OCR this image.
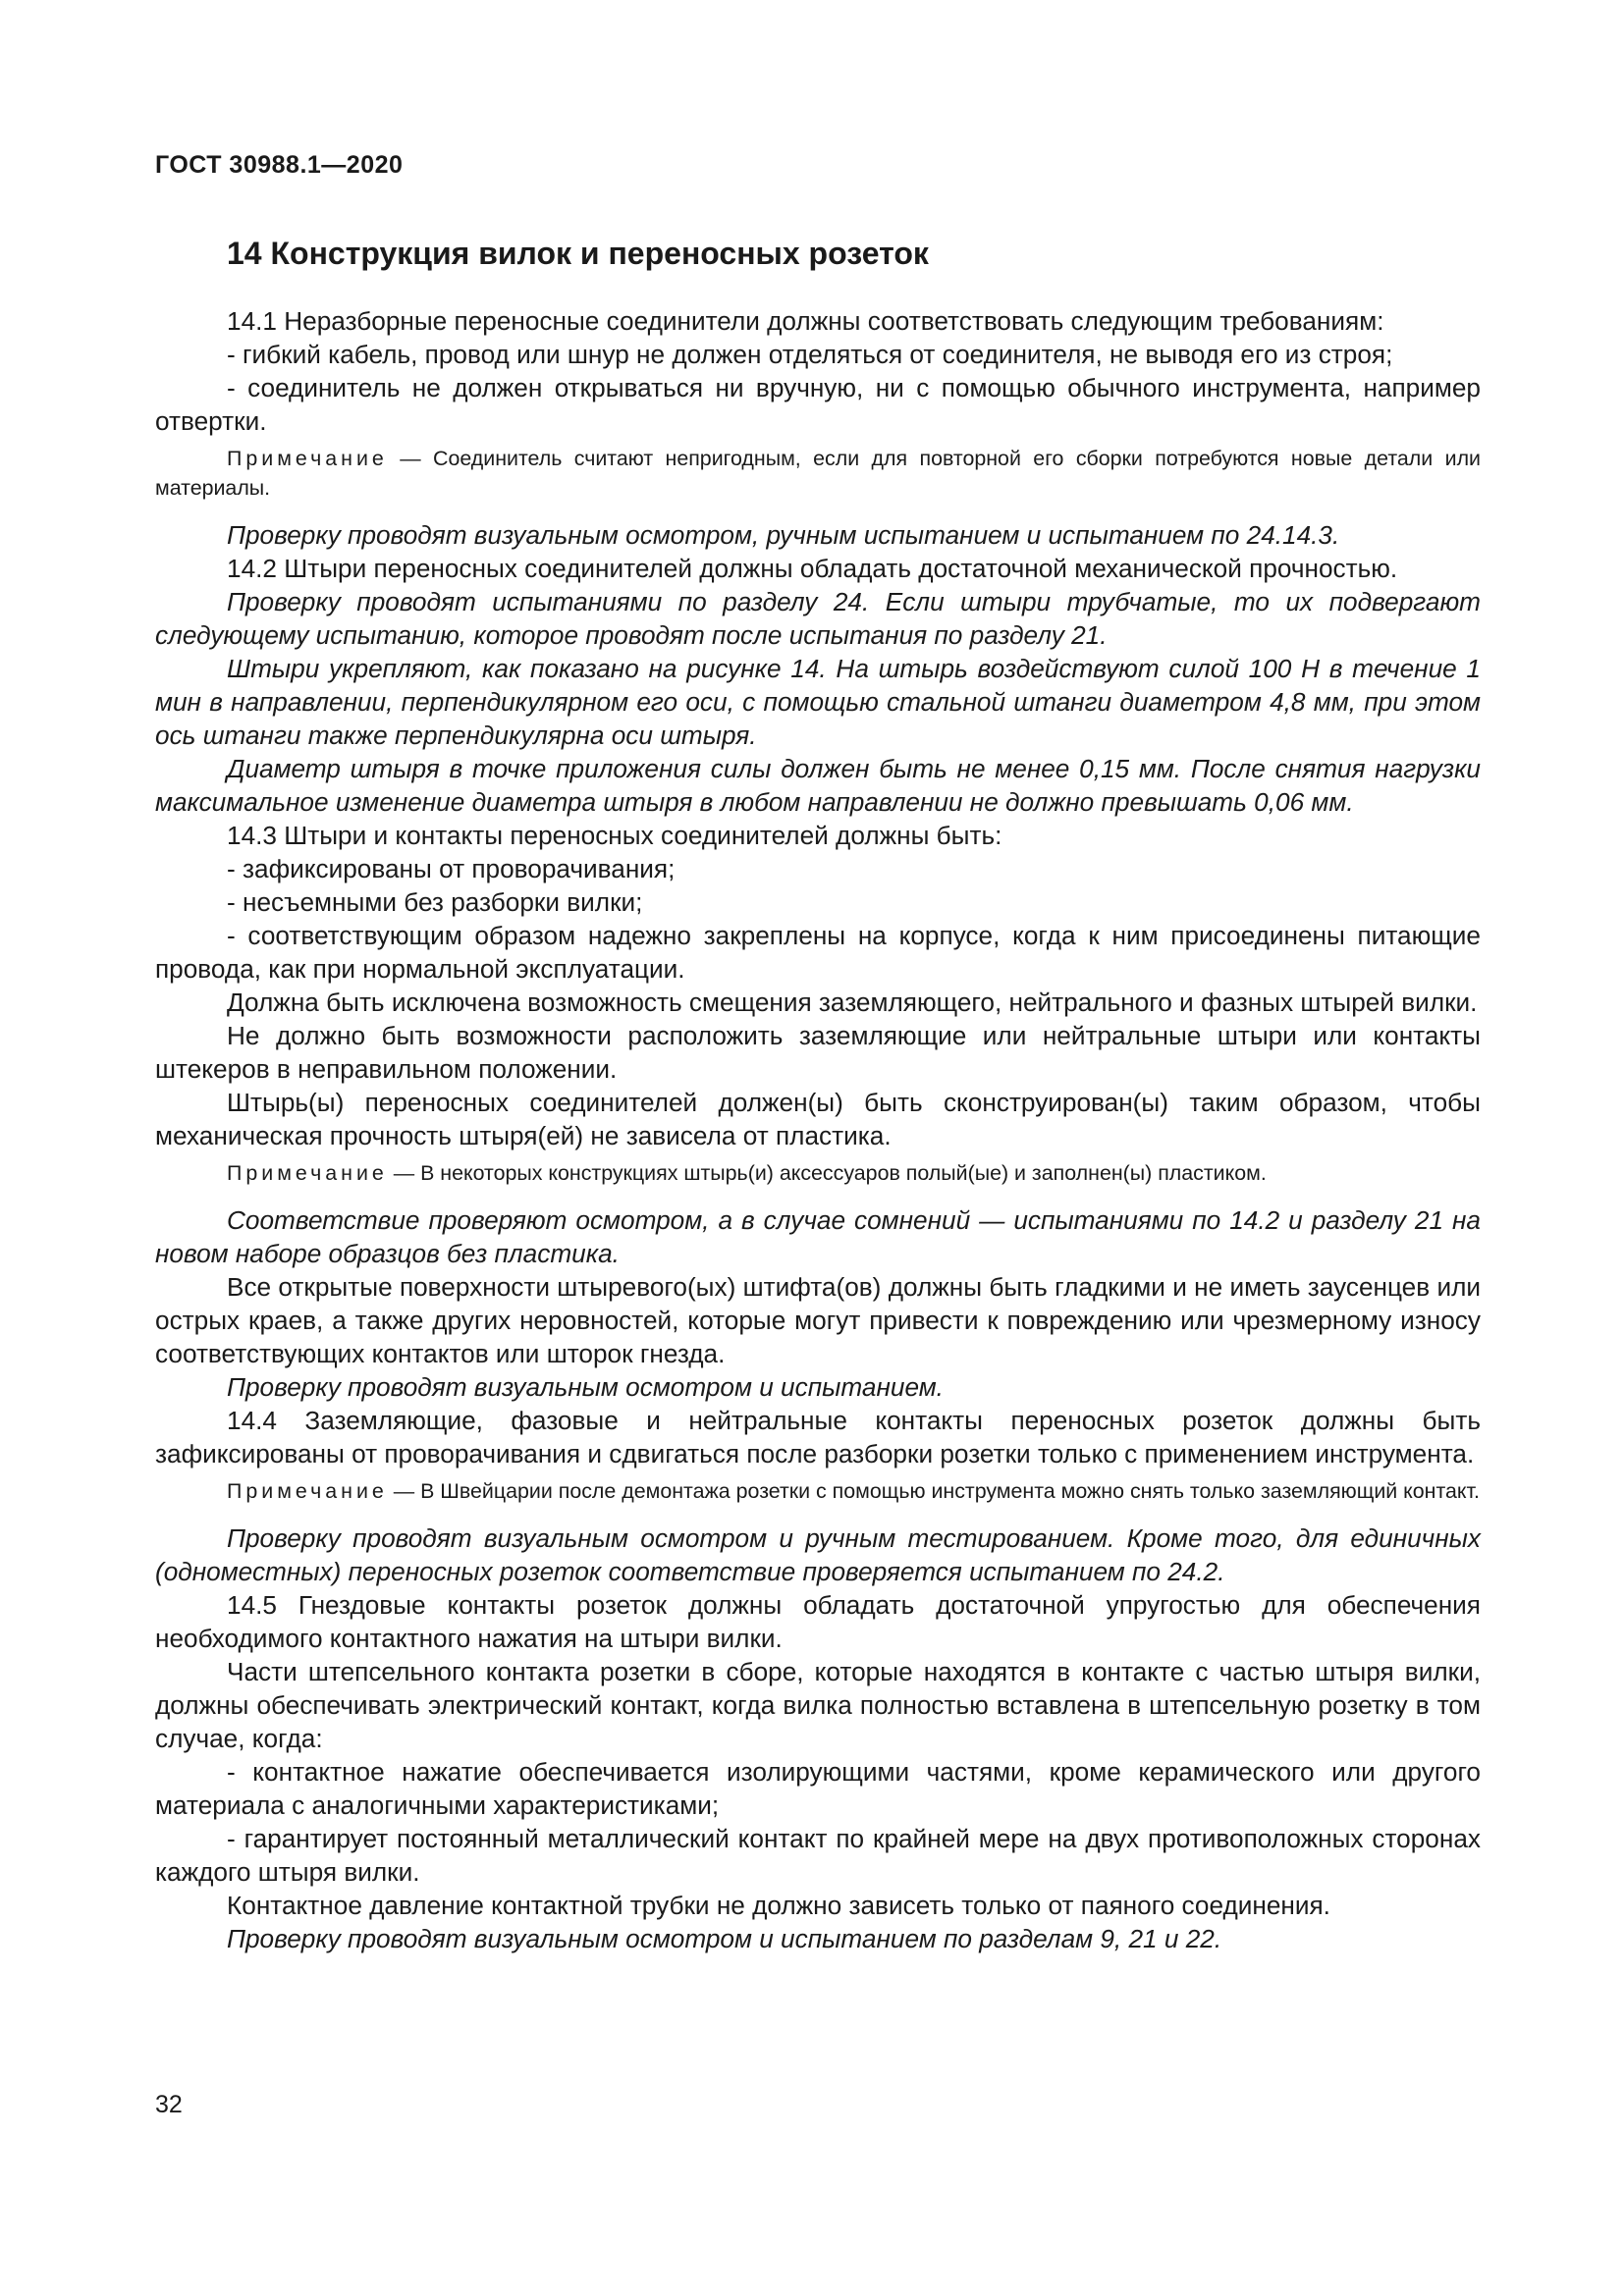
ГОСТ 30988.1—2020
14 Конструкция вилок и переносных розеток

14.1 Неразборные переносные соединители должны соответствовать следующим требованиям:

- гибкий кабель, провод или шнур не должен отделяться от соединителя, не выводя его из строя;

- соединитель не должен открываться ни вручную, ни с помощью обычного инструмента, например отвертки.

Примечание — Соединитель считают непригодным, если для повторной его сборки потребуются новые детали или материалы.

Проверку проводят визуальным осмотром, ручным испытанием и испытанием по 24.14.3.

14.2 Штыри переносных соединителей должны обладать достаточной механической прочностью.

Проверку проводят испытаниями по разделу 24. Если штыри трубчатые, то их подвергают следующему испытанию, которое проводят после испытания по разделу 21.

Штыри укрепляют, как показано на рисунке 14. На штырь воздействуют силой 100 Н в течение 1 мин в направлении, перпендикулярном его оси, с помощью стальной штанги диаметром 4,8 мм, при этом ось штанги также перпендикулярна оси штыря.

Диаметр штыря в точке приложения силы должен быть не менее 0,15 мм. После снятия нагрузки максимальное изменение диаметра штыря в любом направлении не должно превышать 0,06 мм.

14.3 Штыри и контакты переносных соединителей должны быть:

- зафиксированы от проворачивания;

- несъемными без разборки вилки;

- соответствующим образом надежно закреплены на корпусе, когда к ним присоединены питающие провода, как при нормальной эксплуатации.

Должна быть исключена возможность смещения заземляющего, нейтрального и фазных штырей вилки.

Не должно быть возможности расположить заземляющие или нейтральные штыри или контакты штекеров в неправильном положении.

Штырь(ы) переносных соединителей должен(ы) быть сконструирован(ы) таким образом, чтобы механическая прочность штыря(ей) не зависела от пластика.

Примечание — В некоторых конструкциях штырь(и) аксессуаров полый(ые) и заполнен(ы) пластиком.

Соответствие проверяют осмотром, а в случае сомнений — испытаниями по 14.2 и разделу 21 на новом наборе образцов без пластика.

Все открытые поверхности штыревого(ых) штифта(ов) должны быть гладкими и не иметь заусенцев или острых краев, а также других неровностей, которые могут привести к повреждению или чрезмерному износу соответствующих контактов или шторок гнезда.

Проверку проводят визуальным осмотром и испытанием.

14.4 Заземляющие, фазовые и нейтральные контакты переносных розеток должны быть зафиксированы от проворачивания и сдвигаться после разборки розетки только с применением инструмента.

Примечание — В Швейцарии после демонтажа розетки с помощью инструмента можно снять только заземляющий контакт.

Проверку проводят визуальным осмотром и ручным тестированием. Кроме того, для единичных (одноместных) переносных розеток соответствие проверяется испытанием по 24.2.

14.5 Гнездовые контакты розеток должны обладать достаточной упругостью для обеспечения необходимого контактного нажатия на штыри вилки.

Части штепсельного контакта розетки в сборе, которые находятся в контакте с частью штыря вилки, должны обеспечивать электрический контакт, когда вилка полностью вставлена в штепсельную розетку в том случае, когда:

- контактное нажатие обеспечивается изолирующими частями, кроме керамического или другого материала с аналогичными характеристиками;

- гарантирует постоянный металлический контакт по крайней мере на двух противоположных сторонах каждого штыря вилки.

Контактное давление контактной трубки не должно зависеть только от паяного соединения.

Проверку проводят визуальным осмотром и испытанием по разделам 9, 21 и 22.

32
